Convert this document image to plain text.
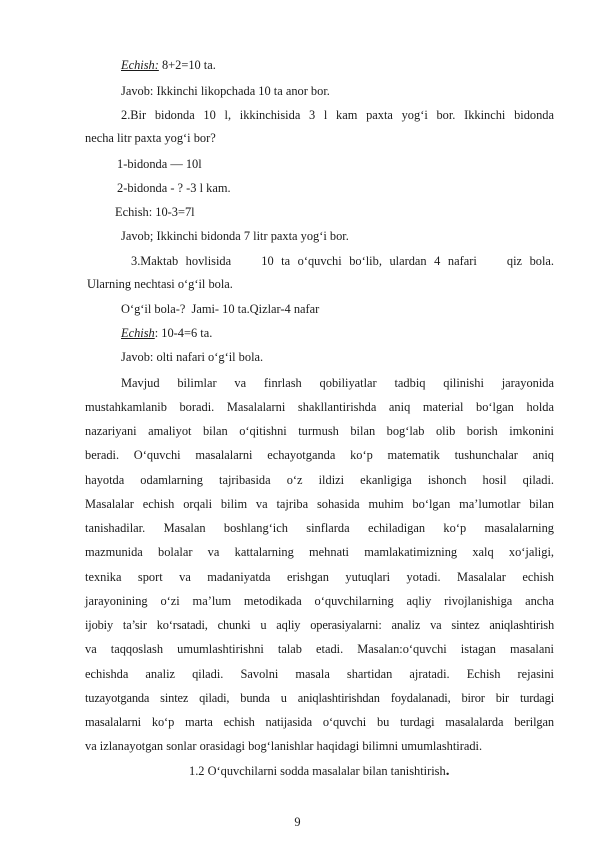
Echish: 8+2=10 ta.
Javob: Ikkinchi likopchada 10 ta anor bor.
2.Bir bidonda 10 l, ikkinchisida 3 l kam paxta yog‘i bor. Ikkinchi bidonda
necha litr paxta yog‘i bor?
1-bidonda — 10l
2-bidonda - ? -3 l kam.
Echish: 10-3=7l
Javob; Ikkinchi bidonda 7 litr paxta yog‘i bor.
3.Maktab hovlisida    10 ta o‘quvchi bo‘lib, ulardan 4 nafari    qiz bola.
Ularning nechtasi o‘g‘il bola.
O‘g‘il bola-?  Jami- 10 ta.Qizlar-4 nafar
Echish: 10-4=6 ta.
Javob: olti nafari o‘g‘il bola.
Mavjud bilimlar va finrlash qobiliyatlar tadbiq qilinishi jarayonida
mustahkamlanib boradi. Masalalarni shakllantirishda aniq material bo‘lgan holda
nazariyani amaliyot bilan o‘qitishni turmush bilan bog‘lab olib borish imkonini
beradi. O‘quvchi masalalarni echayotganda ko‘p matematik tushunchalar aniq
hayotda odamlarning tajribasida o‘z ildizi ekanligiga ishonch hosil qiladi.
Masalalar echish orqali bilim va tajriba sohasida muhim bo‘lgan ma’lumotlar bilan
tanishadilar. Masalan boshlang‘ich sinflarda echiladigan ko‘p masalalarning
mazmunida bolalar va kattalarning mehnati mamlakatimizning xalq xo‘jaligi,
texnika sport va madaniyatda erishgan yutuqlari yotadi. Masalalar echish
jarayonining o‘zi ma’lum metodikada o‘quvchilarning aqliy rivojlanishiga ancha
ijobiy ta’sir ko‘rsatadi, chunki u aqliy operasiyalarni: analiz va sintez aniqlashtirish
va taqqoslash umumlashtirishni talab etadi. Masalan:o‘quvchi istagan masalani
echishda analiz qiladi. Savolni masala shartidan ajratadi. Echish rejasini
tuzayotganda sintez qiladi, bunda u aniqlashtirishdan foydalanadi, biror bir turdagi
masalalarni ko‘p marta echish natijasida o‘quvchi bu turdagi masalalarda berilgan
va izlanayotgan sonlar orasidagi bog‘lanishlar haqidagi bilimni umumlashtiradi.
1.2 O‘quvchilarni sodda masalalar bilan tanishtirish.
9
